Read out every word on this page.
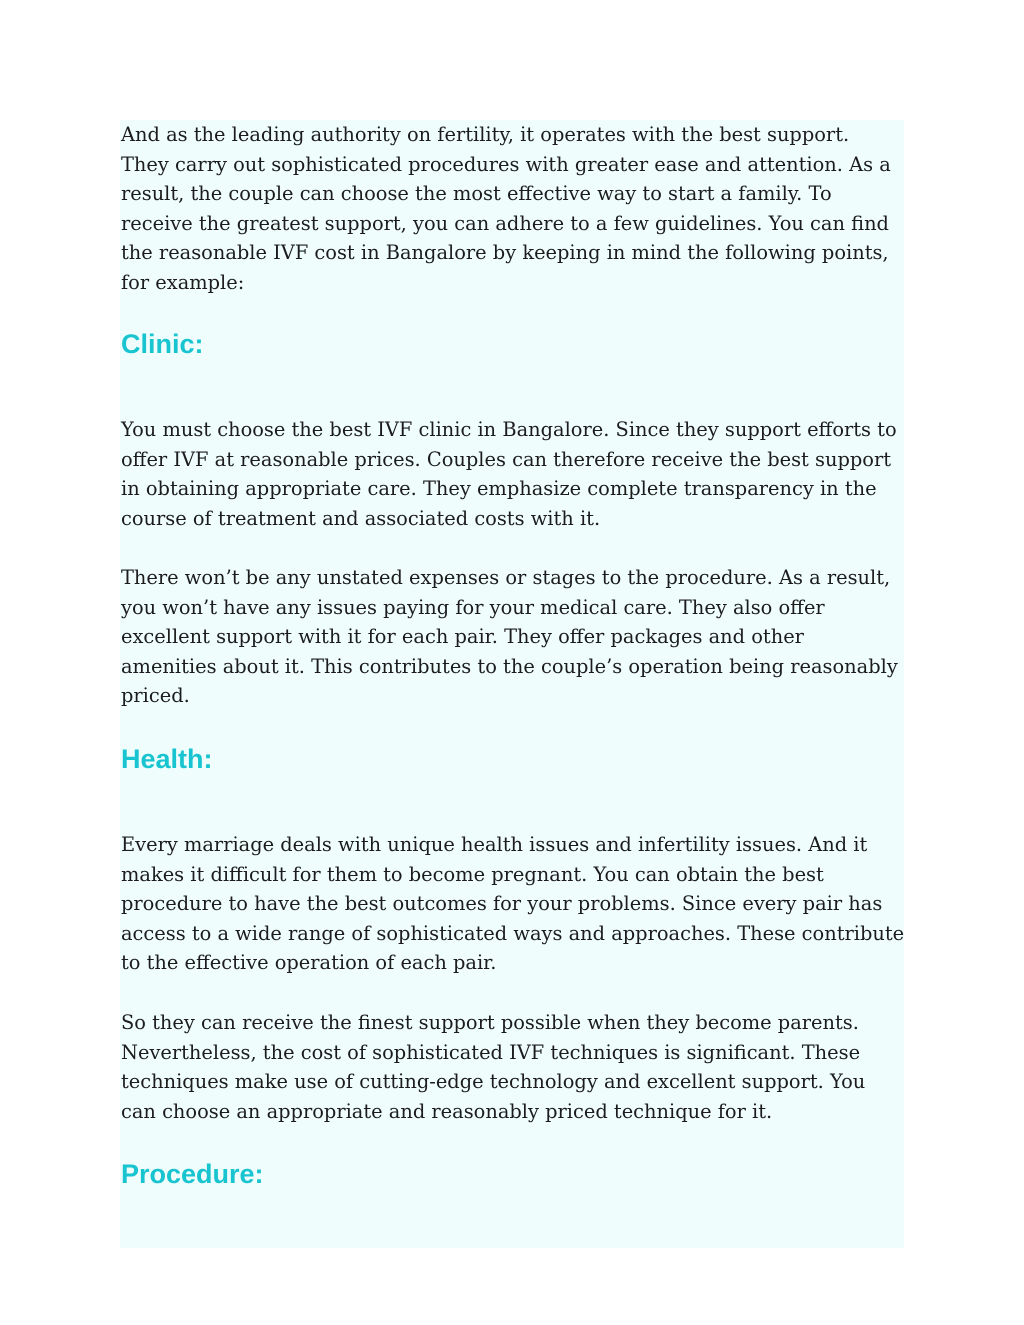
And as the leading authority on fertility, it operates with the best support.
They carry out sophisticated procedures with greater ease and attention. As a
result, the couple can choose the most effective way to start a family. To
receive the greatest support, you can adhere to a few guidelines. You can find
the reasonable IVF cost in Bangalore by keeping in mind the following points,
for example:

Clinic:

You must choose the best IVF clinic in Bangalore. Since they support efforts to
offer IVF at reasonable prices. Couples can therefore receive the best support
in obtaining appropriate care. They emphasize complete transparency in the
course of treatment and associated costs with it.

There won’t be any unstated expenses or stages to the procedure. As a result,
you won’t have any issues paying for your medical care. They also offer
excellent support with it for each pair. They offer packages and other
amenities about it. This contributes to the couple’s operation being reasonably
priced.

Health:

Every marriage deals with unique health issues and infertility issues. And it
makes it difficult for them to become pregnant. You can obtain the best
procedure to have the best outcomes for your problems. Since every pair has
access to a wide range of sophisticated ways and approaches. These contribute
to the effective operation of each pair.

So they can receive the finest support possible when they become parents.
Nevertheless, the cost of sophisticated IVF techniques is significant. These
techniques make use of cutting-edge technology and excellent support. You
can choose an appropriate and reasonably priced technique for it.

Procedure:
